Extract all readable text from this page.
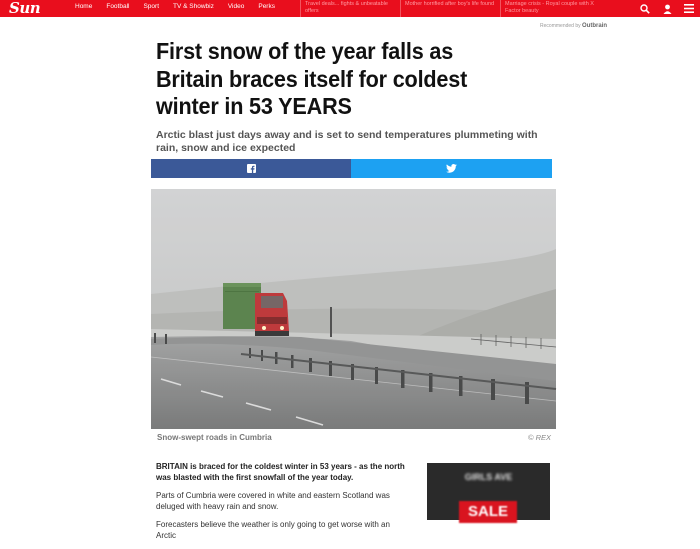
Sun	Home Football Sport TV & Showbiz Video Perks	Travel deals... fights & unbeatable offers
Mother horrified after boy's life found	Marriage crisis - Royal couple with X Factor beauty
Recommended by Outbrain
First snow of the year falls as Britain braces itself for coldest winter in 53 YEARS
Arctic blast just days away and is set to send temperatures plummeting with rain, snow and ice expected
Snow-swept roads in Cumbria	© REX

BRITAIN is braced for the coldest winter in 53 years - as the north was blasted with the first snowfall of the year today.

Parts of Cumbria were covered in white and eastern Scotland was deluged with heavy rain and snow.

Forecasters believe the weather is only going to get worse with an Arctic

GIRLS AVE
SALE
